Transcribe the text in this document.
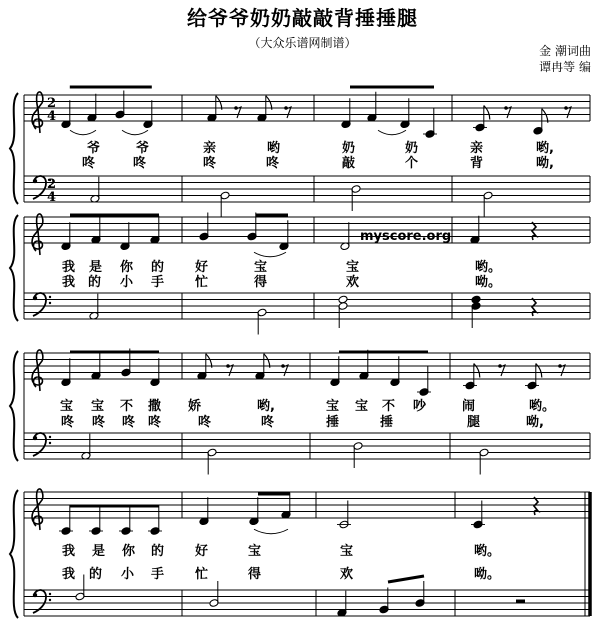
给爷爷奶奶敲敲背捶捶腿
（大众乐谱网制谱）
金 潮词曲
谭冉等 编
2
4
2
4
爷	爷	亲	哟	奶	奶	亲	哟,
咚	咚	咚	咚	敲	个	背	呦,
我 是 你 的 好	宝	宝	哟。
我 的 小 手 忙	得	欢	呦。
宝 宝 不 撒 娇	哟,	宝 宝 不 吵	闹	哟。
咚 咚 咚 咚	咚	咚	捶	捶	腿	呦,
我 是 你 的 好	宝	宝	哟。
我 的 小 手 忙	得	欢	呦。
myscore.org
